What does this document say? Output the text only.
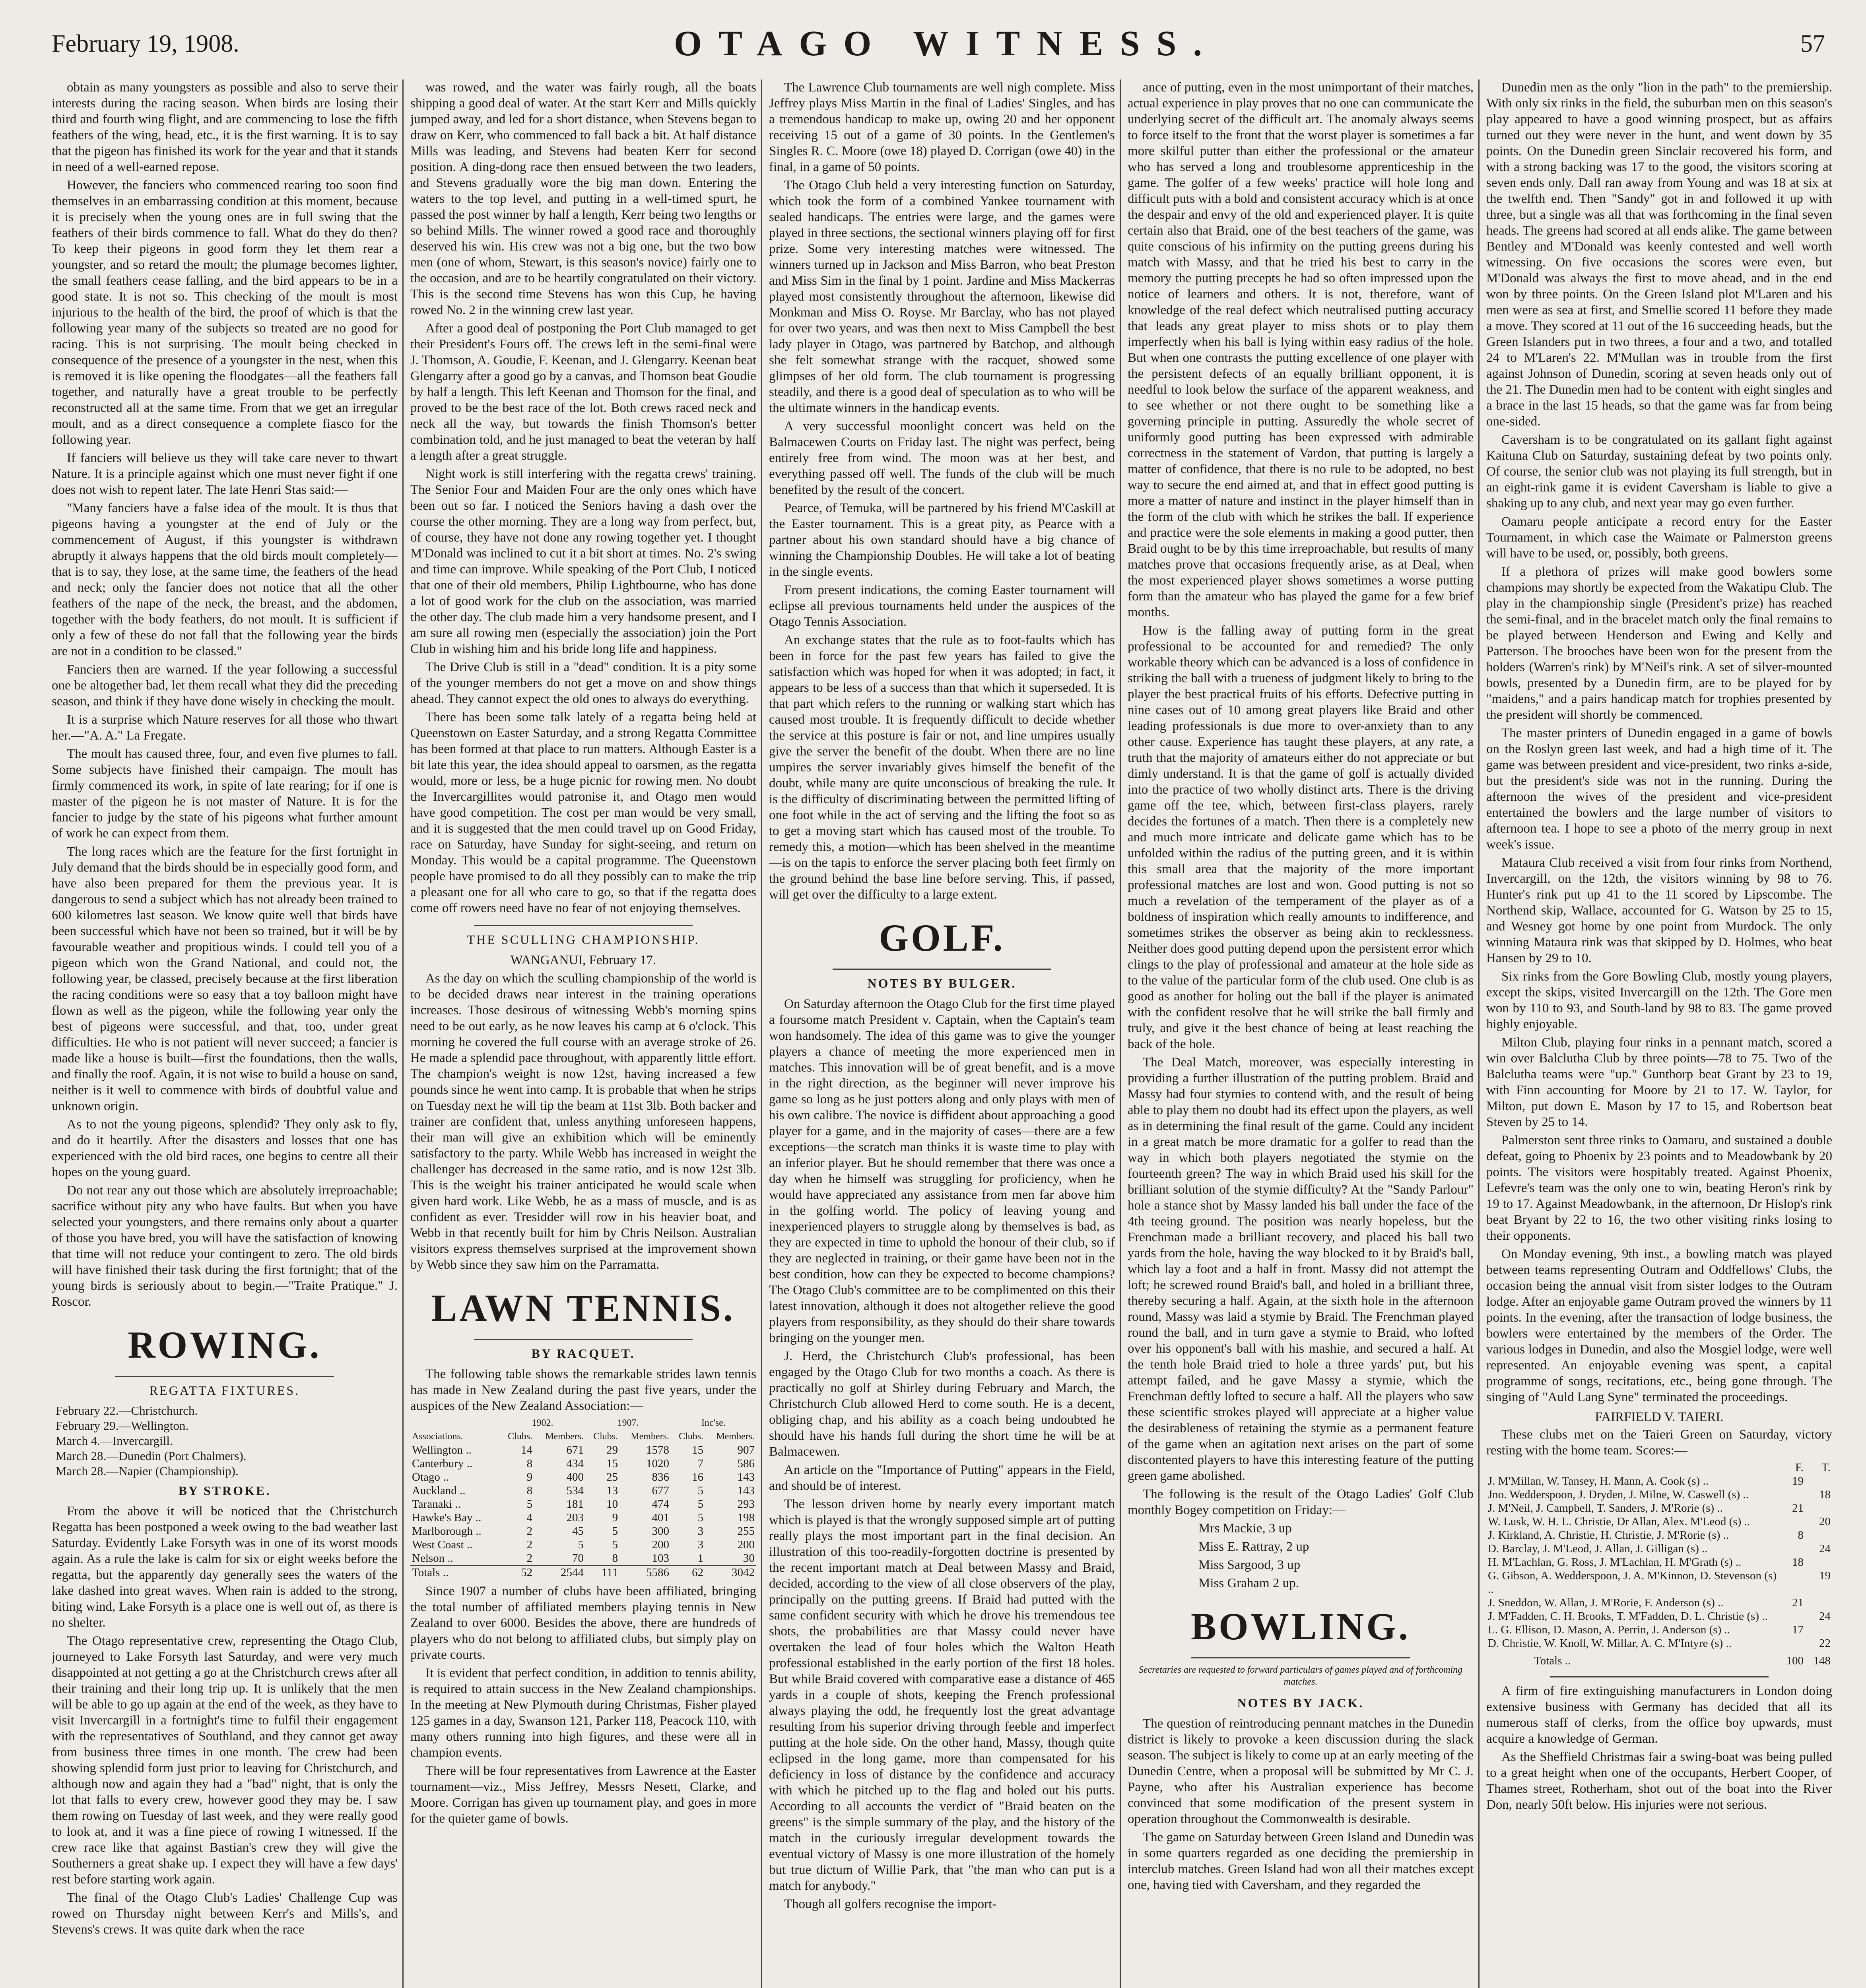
February 19, 1908.	OTAGO WITNESS.	57

obtain as many youngsters as possible and also to serve their interests during the racing season. When birds are losing their third and fourth wing flight, and are commencing to lose the fifth feathers of the wing, head, etc., it is the first warning. It is to say that the pigeon has finished its work for the year and that it stands in need of a well-earned repose.

However, the fanciers who commenced rearing too soon find themselves in an embarrassing condition at this moment, because it is precisely when the young ones are in full swing that the feathers of their birds commence to fall. What do they do then? To keep their pigeons in good form they let them rear a youngster, and so retard the moult; the plumage becomes lighter, the small feathers cease falling, and the bird appears to be in a good state. It is not so. This checking of the moult is most injurious to the health of the bird, the proof of which is that the following year many of the subjects so treated are no good for racing. This is not surprising. The moult being checked in consequence of the presence of a youngster in the nest, when this is removed it is like opening the floodgates—all the feathers fall together, and naturally have a great trouble to be perfectly reconstructed all at the same time. From that we get an irregular moult, and as a direct consequence a complete fiasco for the following year.

If fanciers will believe us they will take care never to thwart Nature. It is a principle against which one must never fight if one does not wish to repent later. The late Henri Stas said:—

"Many fanciers have a false idea of the moult. It is thus that pigeons having a youngster at the end of July or the commencement of August, if this youngster is withdrawn abruptly it always happens that the old birds moult completely—that is to say, they lose, at the same time, the feathers of the head and neck; only the fancier does not notice that all the other feathers of the nape of the neck, the breast, and the abdomen, together with the body feathers, do not moult. It is sufficient if only a few of these do not fall that the following year the birds are not in a condition to be classed."

Fanciers then are warned. If the year following a successful one be altogether bad, let them recall what they did the preceding season, and think if they have done wisely in checking the moult.

It is a surprise which Nature reserves for all those who thwart her.—"A. A." La Fregate.

The moult has caused three, four, and even five plumes to fall. Some subjects have finished their campaign. The moult has firmly commenced its work, in spite of late rearing; for if one is master of the pigeon he is not master of Nature. It is for the fancier to judge by the state of his pigeons what further amount of work he can expect from them.

The long races which are the feature for the first fortnight in July demand that the birds should be in especially good form, and have also been prepared for them the previous year. It is dangerous to send a subject which has not already been trained to 600 kilometres last season. We know quite well that birds have been successful which have not been so trained, but it will be by favourable weather and propitious winds. I could tell you of a pigeon which won the Grand National, and could not, the following year, be classed, precisely because at the first liberation the racing conditions were so easy that a toy balloon might have flown as well as the pigeon, while the following year only the best of pigeons were successful, and that, too, under great difficulties. He who is not patient will never succeed; a fancier is made like a house is built—first the foundations, then the walls, and finally the roof. Again, it is not wise to build a house on sand, neither is it well to commence with birds of doubtful value and unknown origin.

As to not the young pigeons, splendid? They only ask to fly, and do it heartily. After the disasters and losses that one has experienced with the old bird races, one begins to centre all their hopes on the young guard.

Do not rear any out those which are absolutely irreproachable; sacrifice without pity any who have faults. But when you have selected your youngsters, and there remains only about a quarter of those you have bred, you will have the satisfaction of knowing that time will not reduce your contingent to zero. The old birds will have finished their task during the first fortnight; that of the young birds is seriously about to begin.—"Traite Pratique." J. Roscor.

ROWING.
REGATTA FIXTURES.
February 22.—Christchurch.
February 29.—Wellington.
March 4.—Invercargill.
March 28.—Dunedin (Port Chalmers).
March 28.—Napier (Championship).
BY STROKE.

From the above it will be noticed that the Christchurch Regatta has been postponed a week owing to the bad weather last Saturday. Evidently Lake Forsyth was in one of its worst moods again. As a rule the lake is calm for six or eight weeks before the regatta, but the apparently day generally sees the waters of the lake dashed into great waves. When rain is added to the strong, biting wind, Lake Forsyth is a place one is well out of, as there is no shelter.

The Otago representative crew, representing the Otago Club, journeyed to Lake Forsyth last Saturday, and were very much disappointed at not getting a go at the Christchurch crews after all their training and their long trip up. It is unlikely that the men will be able to go up again at the end of the week, as they have to visit Invercargill in a fortnight's time to fulfil their engagement with the representatives of Southland, and they cannot get away from business three times in one month. The crew had been showing splendid form just prior to leaving for Christchurch, and although now and again they had a "bad" night, that is only the lot that falls to every crew, however good they may be. I saw them rowing on Tuesday of last week, and they were really good to look at, and it was a fine piece of rowing I witnessed. If the crew race like that against Bastian's crew they will give the Southerners a great shake up. I expect they will have a few days' rest before starting work again.

The final of the Otago Club's Ladies' Challenge Cup was rowed on Thursday night between Kerr's and Mills's, and Stevens's crews. It was quite dark when the race

was rowed, and the water was fairly rough, all the boats shipping a good deal of water. At the start Kerr and Mills quickly jumped away, and led for a short distance, when Stevens began to draw on Kerr, who commenced to fall back a bit. At half distance Mills was leading, and Stevens had beaten Kerr for second position. A ding-dong race then ensued between the two leaders, and Stevens gradually wore the big man down. Entering the waters to the top level, and putting in a well-timed spurt, he passed the post winner by half a length, Kerr being two lengths or so behind Mills. The winner rowed a good race and thoroughly deserved his win. His crew was not a big one, but the two bow men (one of whom, Stewart, is this season's novice) fairly one to the occasion, and are to be heartily congratulated on their victory. This is the second time Stevens has won this Cup, he having rowed No. 2 in the winning crew last year.

After a good deal of postponing the Port Club managed to get their President's Fours off. The crews left in the semi-final were J. Thomson, A. Goudie, F. Keenan, and J. Glengarry. Keenan beat Glengarry after a good go by a canvas, and Thomson beat Goudie by half a length. This left Keenan and Thomson for the final, and proved to be the best race of the lot. Both crews raced neck and neck all the way, but towards the finish Thomson's better combination told, and he just managed to beat the veteran by half a length after a great struggle.

Night work is still interfering with the regatta crews' training. The Senior Four and Maiden Four are the only ones which have been out so far. I noticed the Seniors having a dash over the course the other morning. They are a long way from perfect, but, of course, they have not done any rowing together yet. I thought M'Donald was inclined to cut it a bit short at times. No. 2's swing and time can improve. While speaking of the Port Club, I noticed that one of their old members, Philip Lightbourne, who has done a lot of good work for the club on the association, was married the other day. The club made him a very handsome present, and I am sure all rowing men (especially the association) join the Port Club in wishing him and his bride long life and happiness.

The Drive Club is still in a "dead" condition. It is a pity some of the younger members do not get a move on and show things ahead. They cannot expect the old ones to always do everything.

There has been some talk lately of a regatta being held at Queenstown on Easter Saturday, and a strong Regatta Committee has been formed at that place to run matters. Although Easter is a bit late this year, the idea should appeal to oarsmen, as the regatta would, more or less, be a huge picnic for rowing men. No doubt the Invercargillites would patronise it, and Otago men would have good competition. The cost per man would be very small, and it is suggested that the men could travel up on Good Friday, race on Saturday, have Sunday for sight-seeing, and return on Monday. This would be a capital programme. The Queenstown people have promised to do all they possibly can to make the trip a pleasant one for all who care to go, so that if the regatta does come off rowers need have no fear of not enjoying themselves.

THE SCULLING CHAMPIONSHIP.

WANGANUI, February 17.

As the day on which the sculling championship of the world is to be decided draws near interest in the training operations increases. Those desirous of witnessing Webb's morning spins need to be out early, as he now leaves his camp at 6 o'clock. This morning he covered the full course with an average stroke of 26. He made a splendid pace throughout, with apparently little effort. The champion's weight is now 12st, having increased a few pounds since he went into camp. It is probable that when he strips on Tuesday next he will tip the beam at 11st 3lb. Both backer and trainer are confident that, unless anything unforeseen happens, their man will give an exhibition which will be eminently satisfactory to the party. While Webb has increased in weight the challenger has decreased in the same ratio, and is now 12st 3lb. This is the weight his trainer anticipated he would scale when given hard work. Like Webb, he as a mass of muscle, and is as confident as ever. Tresidder will row in his heavier boat, and Webb in that recently built for him by Chris Neilson. Australian visitors express themselves surprised at the improvement shown by Webb since they saw him on the Parramatta.

LAWN TENNIS.
BY RACQUET.

The following table shows the remarkable strides lawn tennis has made in New Zealand during the past five years, under the auspices of the New Zealand Association:—

	1902.		1907.		Inc'se.	
Associations.	Clubs.	Members.	Clubs.	Members.	Clubs.	Members.
Wellington ..	14	671	29	1578	15	907
Canterbury ..	8	434	15	1020	7	586
Otago ..	9	400	25	836	16	143
Auckland ..	8	534	13	677	5	143
Taranaki ..	5	181	10	474	5	293
Hawke's Bay ..	4	203	9	401	5	198
Marlborough ..	2	45	5	300	3	255
West Coast ..	2	5	5	200	3	200
Nelson ..	2	70	8	103	1	30
Totals ..	52	2544	111	5586	62	3042

Since 1907 a number of clubs have been affiliated, bringing the total number of affiliated members playing tennis in New Zealand to over 6000. Besides the above, there are hundreds of players who do not belong to affiliated clubs, but simply play on private courts.

It is evident that perfect condition, in addition to tennis ability, is required to attain success in the New Zealand championships. In the meeting at New Plymouth during Christmas, Fisher played 125 games in a day, Swanson 121, Parker 118, Peacock 110, with many others running into high figures, and these were all in champion events.

There will be four representatives from Lawrence at the Easter tournament—viz., Miss Jeffrey, Messrs Nesett, Clarke, and Moore. Corrigan has given up tournament play, and goes in more for the quieter game of bowls.

The Lawrence Club tournaments are well nigh complete. Miss Jeffrey plays Miss Martin in the final of Ladies' Singles, and has a tremendous handicap to make up, owing 20 and her opponent receiving 15 out of a game of 30 points. In the Gentlemen's Singles R. C. Moore (owe 18) played D. Corrigan (owe 40) in the final, in a game of 50 points.

The Otago Club held a very interesting function on Saturday, which took the form of a combined Yankee tournament with sealed handicaps. The entries were large, and the games were played in three sections, the sectional winners playing off for first prize. Some very interesting matches were witnessed. The winners turned up in Jackson and Miss Barron, who beat Preston and Miss Sim in the final by 1 point. Jardine and Miss Mackerras played most consistently throughout the afternoon, likewise did Monkman and Miss O. Royse. Mr Barclay, who has not played for over two years, and was then next to Miss Campbell the best lady player in Otago, was partnered by Batchop, and although she felt somewhat strange with the racquet, showed some glimpses of her old form. The club tournament is progressing steadily, and there is a good deal of speculation as to who will be the ultimate winners in the handicap events.

A very successful moonlight concert was held on the Balmacewen Courts on Friday last. The night was perfect, being entirely free from wind. The moon was at her best, and everything passed off well. The funds of the club will be much benefited by the result of the concert.

Pearce, of Temuka, will be partnered by his friend M'Caskill at the Easter tournament. This is a great pity, as Pearce with a partner about his own standard should have a big chance of winning the Championship Doubles. He will take a lot of beating in the single events.

From present indications, the coming Easter tournament will eclipse all previous tournaments held under the auspices of the Otago Tennis Association.

An exchange states that the rule as to foot-faults which has been in force for the past few years has failed to give the satisfaction which was hoped for when it was adopted; in fact, it appears to be less of a success than that which it superseded. It is that part which refers to the running or walking start which has caused most trouble. It is frequently difficult to decide whether the service at this posture is fair or not, and line umpires usually give the server the benefit of the doubt. When there are no line umpires the server invariably gives himself the benefit of the doubt, while many are quite unconscious of breaking the rule. It is the difficulty of discriminating between the permitted lifting of one foot while in the act of serving and the lifting the foot so as to get a moving start which has caused most of the trouble. To remedy this, a motion—which has been shelved in the meantime—is on the tapis to enforce the server placing both feet firmly on the ground behind the base line before serving. This, if passed, will get over the difficulty to a large extent.

GOLF.
NOTES BY BULGER.

On Saturday afternoon the Otago Club for the first time played a foursome match President v. Captain, when the Captain's team won handsomely. The idea of this game was to give the younger players a chance of meeting the more experienced men in matches. This innovation will be of great benefit, and is a move in the right direction, as the beginner will never improve his game so long as he just potters along and only plays with men of his own calibre. The novice is diffident about approaching a good player for a game, and in the majority of cases—there are a few exceptions—the scratch man thinks it is waste time to play with an inferior player. But he should remember that there was once a day when he himself was struggling for proficiency, when he would have appreciated any assistance from men far above him in the golfing world. The policy of leaving young and inexperienced players to struggle along by themselves is bad, as they are expected in time to uphold the honour of their club, so if they are neglected in training, or their game have been not in the best condition, how can they be expected to become champions? The Otago Club's committee are to be complimented on this their latest innovation, although it does not altogether relieve the good players from responsibility, as they should do their share towards bringing on the younger men.

J. Herd, the Christchurch Club's professional, has been engaged by the Otago Club for two months a coach. As there is practically no golf at Shirley during February and March, the Christchurch Club allowed Herd to come south. He is a decent, obliging chap, and his ability as a coach being undoubted he should have his hands full during the short time he will be at Balmacewen.

An article on the "Importance of Putting" appears in the Field, and should be of interest.

The lesson driven home by nearly every important match which is played is that the wrongly supposed simple art of putting really plays the most important part in the final decision. An illustration of this too-readily-forgotten doctrine is presented by the recent important match at Deal between Massy and Braid, decided, according to the view of all close observers of the play, principally on the putting greens. If Braid had putted with the same confident security with which he drove his tremendous tee shots, the probabilities are that Massy could never have overtaken the lead of four holes which the Walton Heath professional established in the early portion of the first 18 holes. But while Braid covered with comparative ease a distance of 465 yards in a couple of shots, keeping the French professional always playing the odd, he frequently lost the great advantage resulting from his superior driving through feeble and imperfect putting at the hole side. On the other hand, Massy, though quite eclipsed in the long game, more than compensated for his deficiency in loss of distance by the confidence and accuracy with which he pitched up to the flag and holed out his putts. According to all accounts the verdict of "Braid beaten on the greens" is the simple summary of the play, and the history of the match in the curiously irregular development towards the eventual victory of Massy is one more illustration of the homely but true dictum of Willie Park, that "the man who can put is a match for anybody."

Though all golfers recognise the import-

ance of putting, even in the most unimportant of their matches, actual experience in play proves that no one can communicate the underlying secret of the difficult art. The anomaly always seems to force itself to the front that the worst player is sometimes a far more skilful putter than either the professional or the amateur who has served a long and troublesome apprenticeship in the game. The golfer of a few weeks' practice will hole long and difficult puts with a bold and consistent accuracy which is at once the despair and envy of the old and experienced player. It is quite certain also that Braid, one of the best teachers of the game, was quite conscious of his infirmity on the putting greens during his match with Massy, and that he tried his best to carry in the memory the putting precepts he had so often impressed upon the notice of learners and others. It is not, therefore, want of knowledge of the real defect which neutralised putting accuracy that leads any great player to miss shots or to play them imperfectly when his ball is lying within easy radius of the hole. But when one contrasts the putting excellence of one player with the persistent defects of an equally brilliant opponent, it is needful to look below the surface of the apparent weakness, and to see whether or not there ought to be something like a governing principle in putting. Assuredly the whole secret of uniformly good putting has been expressed with admirable correctness in the statement of Vardon, that putting is largely a matter of confidence, that there is no rule to be adopted, no best way to secure the end aimed at, and that in effect good putting is more a matter of nature and instinct in the player himself than in the form of the club with which he strikes the ball. If experience and practice were the sole elements in making a good putter, then Braid ought to be by this time irreproachable, but results of many matches prove that occasions frequently arise, as at Deal, when the most experienced player shows sometimes a worse putting form than the amateur who has played the game for a few brief months.

How is the falling away of putting form in the great professional to be accounted for and remedied? The only workable theory which can be advanced is a loss of confidence in striking the ball with a trueness of judgment likely to bring to the player the best practical fruits of his efforts. Defective putting in nine cases out of 10 among great players like Braid and other leading professionals is due more to over-anxiety than to any other cause. Experience has taught these players, at any rate, a truth that the majority of amateurs either do not appreciate or but dimly understand. It is that the game of golf is actually divided into the practice of two wholly distinct arts. There is the driving game off the tee, which, between first-class players, rarely decides the fortunes of a match. Then there is a completely new and much more intricate and delicate game which has to be unfolded within the radius of the putting green, and it is within this small area that the majority of the more important professional matches are lost and won. Good putting is not so much a revelation of the temperament of the player as of a boldness of inspiration which really amounts to indifference, and sometimes strikes the observer as being akin to recklessness. Neither does good putting depend upon the persistent error which clings to the play of professional and amateur at the hole side as to the value of the particular form of the club used. One club is as good as another for holing out the ball if the player is animated with the confident resolve that he will strike the ball firmly and truly, and give it the best chance of being at least reaching the back of the hole.

The Deal Match, moreover, was especially interesting in providing a further illustration of the putting problem. Braid and Massy had four stymies to contend with, and the result of being able to play them no doubt had its effect upon the players, as well as in determining the final result of the game. Could any incident in a great match be more dramatic for a golfer to read than the way in which both players negotiated the stymie on the fourteenth green? The way in which Braid used his skill for the brilliant solution of the stymie difficulty? At the "Sandy Parlour" hole a stance shot by Massy landed his ball under the face of the 4th teeing ground. The position was nearly hopeless, but the Frenchman made a brilliant recovery, and placed his ball two yards from the hole, having the way blocked to it by Braid's ball, which lay a foot and a half in front. Massy did not attempt the loft; he screwed round Braid's ball, and holed in a brilliant three, thereby securing a half. Again, at the sixth hole in the afternoon round, Massy was laid a stymie by Braid. The Frenchman played round the ball, and in turn gave a stymie to Braid, who lofted over his opponent's ball with his mashie, and secured a half. At the tenth hole Braid tried to hole a three yards' put, but his attempt failed, and he gave Massy a stymie, which the Frenchman deftly lofted to secure a half. All the players who saw these scientific strokes played will appreciate at a higher value the desirableness of retaining the stymie as a permanent feature of the game when an agitation next arises on the part of some discontented players to have this interesting feature of the putting green game abolished.

The following is the result of the Otago Ladies' Golf Club monthly Bogey competition on Friday:—

Mrs Mackie, 3 up

Miss E. Rattray, 2 up

Miss Sargood, 3 up

Miss Graham 2 up.

BOWLING.
Secretaries are requested to forward particulars of games played and of forthcoming matches.
NOTES BY JACK.

The question of reintroducing pennant matches in the Dunedin district is likely to provoke a keen discussion during the slack season. The subject is likely to come up at an early meeting of the Dunedin Centre, when a proposal will be submitted by Mr C. J. Payne, who after his Australian experience has become convinced that some modification of the present system in operation throughout the Commonwealth is desirable.

The game on Saturday between Green Island and Dunedin was in some quarters regarded as one deciding the premiership in interclub matches. Green Island had won all their matches except one, having tied with Caversham, and they regarded the

Dunedin men as the only "lion in the path" to the premiership. With only six rinks in the field, the suburban men on this season's play appeared to have a good winning prospect, but as affairs turned out they were never in the hunt, and went down by 35 points. On the Dunedin green Sinclair recovered his form, and with a strong backing was 17 to the good, the visitors scoring at seven ends only. Dall ran away from Young and was 18 at six at the twelfth end. Then "Sandy" got in and followed it up with three, but a single was all that was forthcoming in the final seven heads. The greens had scored at all ends alike. The game between Bentley and M'Donald was keenly contested and well worth witnessing. On five occasions the scores were even, but M'Donald was always the first to move ahead, and in the end won by three points. On the Green Island plot M'Laren and his men were as sea at first, and Smellie scored 11 before they made a move. They scored at 11 out of the 16 succeeding heads, but the Green Islanders put in two threes, a four and a two, and totalled 24 to M'Laren's 22. M'Mullan was in trouble from the first against Johnson of Dunedin, scoring at seven heads only out of the 21. The Dunedin men had to be content with eight singles and a brace in the last 15 heads, so that the game was far from being one-sided.

Caversham is to be congratulated on its gallant fight against Kaituna Club on Saturday, sustaining defeat by two points only. Of course, the senior club was not playing its full strength, but in an eight-rink game it is evident Caversham is liable to give a shaking up to any club, and next year may go even further.

Oamaru people anticipate a record entry for the Easter Tournament, in which case the Waimate or Palmerston greens will have to be used, or, possibly, both greens.

If a plethora of prizes will make good bowlers some champions may shortly be expected from the Wakatipu Club. The play in the championship single (President's prize) has reached the semi-final, and in the bracelet match only the final remains to be played between Henderson and Ewing and Kelly and Patterson. The brooches have been won for the present from the holders (Warren's rink) by M'Neil's rink. A set of silver-mounted bowls, presented by a Dunedin firm, are to be played for by "maidens," and a pairs handicap match for trophies presented by the president will shortly be commenced.

The master printers of Dunedin engaged in a game of bowls on the Roslyn green last week, and had a high time of it. The game was between president and vice-president, two rinks a-side, but the president's side was not in the running. During the afternoon the wives of the president and vice-president entertained the bowlers and the large number of visitors to afternoon tea. I hope to see a photo of the merry group in next week's issue.

Mataura Club received a visit from four rinks from Northend, Invercargill, on the 12th, the visitors winning by 98 to 76. Hunter's rink put up 41 to the 11 scored by Lipscombe. The Northend skip, Wallace, accounted for G. Watson by 25 to 15, and Wesney got home by one point from Murdock. The only winning Mataura rink was that skipped by D. Holmes, who beat Hansen by 29 to 10.

Six rinks from the Gore Bowling Club, mostly young players, except the skips, visited Invercargill on the 12th. The Gore men won by 110 to 93, and South-land by 98 to 83. The game proved highly enjoyable.

Milton Club, playing four rinks in a pennant match, scored a win over Balclutha Club by three points—78 to 75. Two of the Balclutha teams were "up." Gunthorp beat Grant by 23 to 19, with Finn accounting for Moore by 21 to 17. W. Taylor, for Milton, put down E. Mason by 17 to 15, and Robertson beat Steven by 25 to 14.

Palmerston sent three rinks to Oamaru, and sustained a double defeat, going to Phoenix by 23 points and to Meadowbank by 20 points. The visitors were hospitably treated. Against Phoenix, Lefevre's team was the only one to win, beating Heron's rink by 19 to 17. Against Meadowbank, in the afternoon, Dr Hislop's rink beat Bryant by 22 to 16, the two other visiting rinks losing to their opponents.

On Monday evening, 9th inst., a bowling match was played between teams representing Outram and Oddfellows' Clubs, the occasion being the annual visit from sister lodges to the Outram lodge. After an enjoyable game Outram proved the winners by 11 points. In the evening, after the transaction of lodge business, the bowlers were entertained by the members of the Order. The various lodges in Dunedin, and also the Mosgiel lodge, were well represented. An enjoyable evening was spent, a capital programme of songs, recitations, etc., being gone through. The singing of "Auld Lang Syne" terminated the proceedings.

FAIRFIELD V. TAIERI.

These clubs met on the Taieri Green on Saturday, victory resting with the home team. Scores:—

	F.	T.
J. M'Millan, W. Tansey, H. Mann, A. Cook (s) ..	19	
Jno. Wedderspoon, J. Dryden, J. Milne, W. Caswell (s) ..		18
J. M'Neil, J. Campbell, T. Sanders, J. M'Rorie (s) ..	21	
W. Lusk, W. H. L. Christie, Dr Allan, Alex. M'Leod (s) ..		20
J. Kirkland, A. Christie, H. Christie, J. M'Rorie (s) ..	8	
D. Barclay, J. M'Leod, J. Allan, J. Gilligan (s) ..		24
H. M'Lachlan, G. Ross, J. M'Lachlan, H. M'Grath (s) ..	18	
G. Gibson, A. Wedderspoon, J. A. M'Kinnon, D. Stevenson (s) ..		19
J. Sneddon, W. Allan, J. M'Rorie, F. Anderson (s) ..	21	
J. M'Fadden, C. H. Brooks, T. M'Fadden, D. L. Christie (s) ..		24
L. G. Ellison, D. Mason, A. Perrin, J. Anderson (s) ..	17	
D. Christie, W. Knoll, W. Millar, A. C. M'Intyre (s) ..		22
Totals ..	100	148

A firm of fire extinguishing manufacturers in London doing extensive business with Germany has decided that all its numerous staff of clerks, from the office boy upwards, must acquire a knowledge of German.

As the Sheffield Christmas fair a swing-boat was being pulled to a great height when one of the occupants, Herbert Cooper, of Thames street, Rotherham, shot out of the boat into the River Don, nearly 50ft below. His injuries were not serious.
